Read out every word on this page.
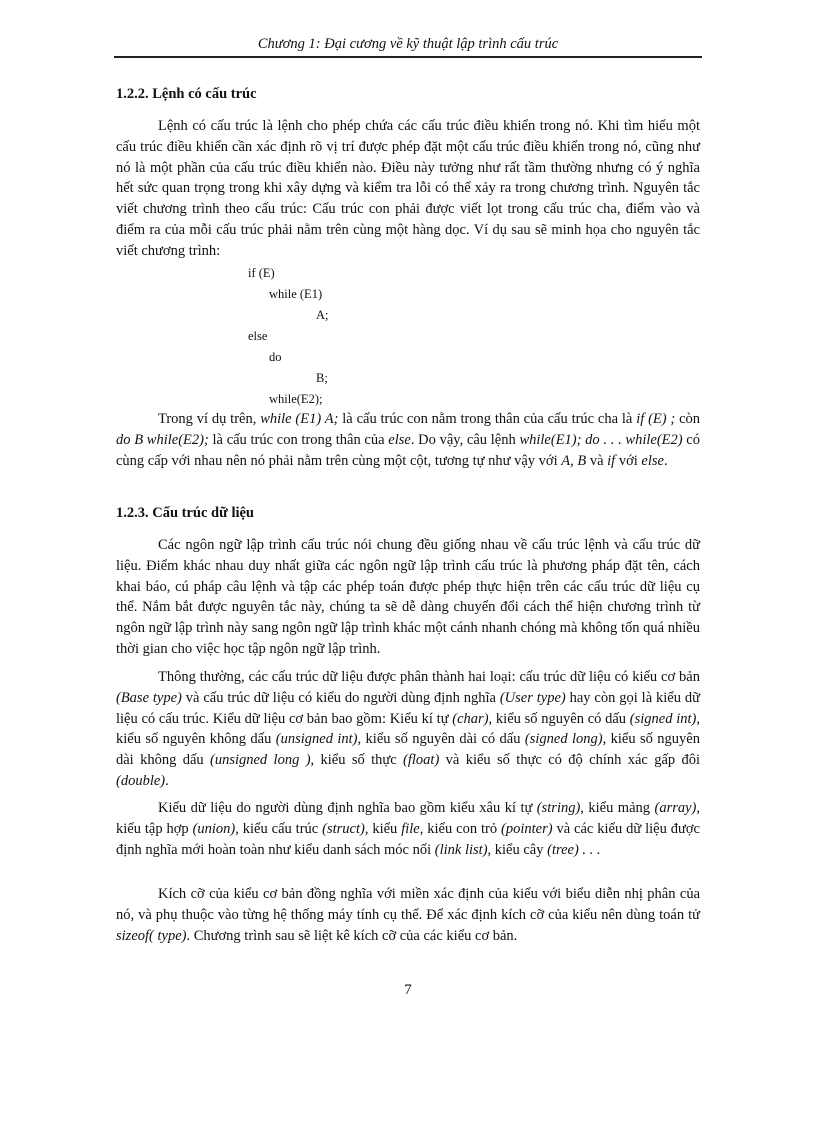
Chương 1: Đại cương về kỹ thuật lập trình cấu trúc
1.2.2. Lệnh có cấu trúc

Lệnh có cấu trúc là lệnh cho phép chứa các cấu trúc điều khiển trong nó. Khi tìm hiểu một cấu trúc điều khiển cần xác định rõ vị trí được phép đặt một cấu trúc điều khiển trong nó, cũng như nó là một phần của cấu trúc điều khiển nào. Điều này tưởng như rất tầm thường nhưng có ý nghĩa hết sức quan trọng trong khi xây dựng và kiểm tra lỗi có thể xảy ra trong chương trình. Nguyên tắc viết chương trình theo cấu trúc: Cấu trúc con phải được viết lọt trong cấu trúc cha, điểm vào và điểm ra của mỗi cấu trúc phải nằm trên cùng một hàng dọc. Ví dụ sau sẽ minh họa cho nguyên tắc viết chương trình:

if (E)
while (E1)
A;
else
do
B;
while(E2);

Trong ví dụ trên, while (E1) A; là cấu trúc con nằm trong thân của cấu trúc cha là if (E) ; còn do B while(E2); là cấu trúc con trong thân của else. Do vậy, câu lệnh while(E1); do . . . while(E2) có cùng cấp với nhau nên nó phải nằm trên cùng một cột, tương tự như vậy với A, B và if với else.

1.2.3. Cấu trúc dữ liệu

Các ngôn ngữ lập trình cấu trúc nói chung đều giống nhau về cấu trúc lệnh và cấu trúc dữ liệu. Điểm khác nhau duy nhất giữa các ngôn ngữ lập trình cấu trúc là phương pháp đặt tên, cách khai báo, cú pháp câu lệnh và tập các phép toán được phép thực hiện trên các cấu trúc dữ liệu cụ thể. Nắm bắt được nguyên tắc này, chúng ta sẽ dễ dàng chuyển đổi cách thể hiện chương trình từ ngôn ngữ lập trình này sang ngôn ngữ lập trình khác một cánh nhanh chóng mà không tốn quá nhiều thời gian cho việc học tập ngôn ngữ lập trình.

Thông thường, các cấu trúc dữ liệu được phân thành hai loại: cấu trúc dữ liệu có kiểu cơ bản (Base type) và cấu trúc dữ liệu có kiểu do người dùng định nghĩa (User type) hay còn gọi là kiểu dữ liệu có cấu trúc. Kiểu dữ liệu cơ bản bao gồm: Kiểu kí tự (char), kiểu số nguyên có dấu (signed int), kiểu số nguyên không dấu (unsigned int), kiểu số nguyên dài có dấu (signed long), kiểu số nguyên dài không dấu (unsigned long ), kiểu số thực (float) và kiểu số thực có độ chính xác gấp đôi (double).

Kiểu dữ liệu do người dùng định nghĩa bao gồm kiểu xâu kí tự (string), kiểu mảng (array), kiểu tập hợp (union), kiểu cấu trúc (struct), kiểu file, kiểu con trỏ (pointer) và các kiểu dữ liệu được định nghĩa mới hoàn toàn như kiểu danh sách móc nối (link list), kiểu cây (tree) . . .

Kích cỡ của kiểu cơ bản đồng nghĩa với miền xác định của kiểu với biểu diễn nhị phân của nó, và phụ thuộc vào từng hệ thống máy tính cụ thể. Để xác định kích cỡ của kiểu nên dùng toán tử sizeof( type). Chương trình sau sẽ liệt kê kích cỡ của các kiểu cơ bản.

7
